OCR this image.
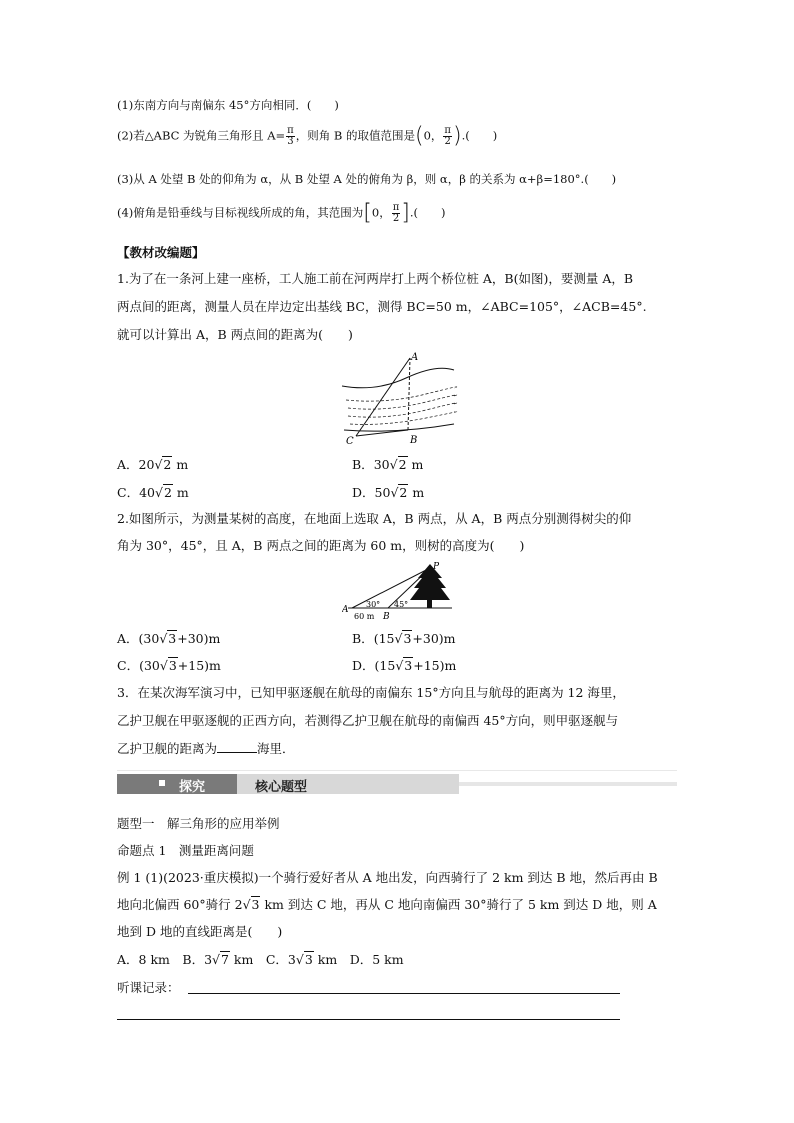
(1)东南方向与南偏东 45°方向相同．(　　)
(2)若△ABC 为锐角三角形且 $A= \frac{\pi}{3}$ ，则角 B 的取值范围是(0， $\frac{\pi}{2}$ ).(　　)
(3)从 A 处望 B 处的仰角为 α，从 B 处望 A 处的俯角为 β，则 α，β 的关系为 α+β=180°.(　　)
(4)俯角是铅垂线与目标视线所成的角，其范围为[0， $\frac{\pi}{2}$ ].(　　)
【教材改编题】
1.为了在一条河上建一座桥，工人施工前在河两岸打上两个桥位桩 A，B(如图)，要测量 A，B
两点间的距离，测量人员在岸边定出基线 BC，测得 BC=50 m，∠ABC=105°，∠ACB=45°.
就可以计算出 A，B 两点间的距离为(　　)
A
B
C
A．20√2 m	B．30√2 m
C．40√2 m	D．50√2 m
2.如图所示，为测量某树的高度，在地面上选取 A，B 两点，从 A，B 两点分别测得树尖的仰
角为 30°，45°，且 A，B 两点之间的距离为 60 m，则树的高度为(　　)
P
A
30° 45°
60 m B
A．(30√3+30)m	B．(15√3+30)m
C．(30√3+15)m	D．(15√3+15)m
3．在某次海军演习中，已知甲驱逐舰在航母的南偏东 15°方向且与航母的距离为 12 海里，
乙护卫舰在甲驱逐舰的正西方向，若测得乙护卫舰在航母的南偏西 45°方向，则甲驱逐舰与
乙护卫舰的距离为	海里．
探究	核心题型
题型一　解三角形的应用举例
命题点 1　测量距离问题
例 1 (1)(2023·重庆模拟)一个骑行爱好者从 A 地出发，向西骑行了 2 km 到达 B 地，然后再由 B
地向北偏西 60°骑行 2√3 km 到达 C 地，再从 C 地向南偏西 30°骑行了 5 km 到达 D 地，则 A
地到 D 地的直线距离是(　　)
A．8 km　B．3√7 km　C．3√3 km　D．5 km
听课记录：
